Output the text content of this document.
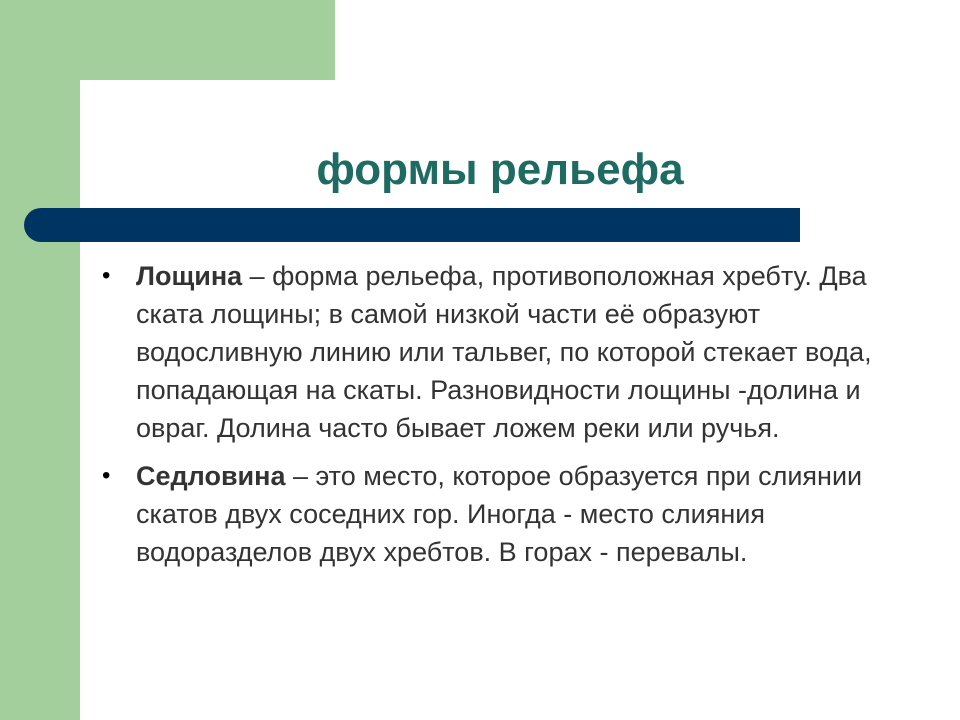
формы рельефа
• Лощина – форма рельефа, противоположная хребту. Два ската лощины; в самой низкой части её образуют водосливную линию или тальвег, по которой стекает вода, попадающая на скаты. Разновидности лощины -долина и овраг. Долина часто бывает ложем реки или ручья.
• Седловина – это место, которое образуется при слиянии скатов двух соседних гор. Иногда - место слияния водоразделов двух хребтов. В горах - перевалы.
